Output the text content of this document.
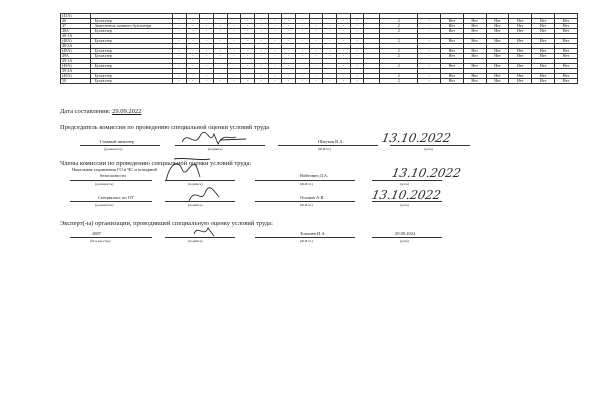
(45А)																								
46	Бухгалтер	-	-	-	-	-	-	-	-	-	-	-	-	-	-		2	-	Нет	Нет	Нет	Нет	Нет	Нет
47	Заместитель главного бухгалтера	-	-	-	-	-	-	-	-	-	-	-	-	-	-		2	-	Нет	Нет	Нет	Нет	Нет	Нет
48А	Бухгалтер	-	-	-	-	-	-	-	-	-	-	-	-	-	-		2	-	Нет	Нет	Нет	Нет	Нет	Нет
48-1А																								
(48А)	Бухгалтер	-	-	-	-	-	-	-	-	-	-	-	-	-	-		2	-	Нет	Нет	Нет	Нет	Нет	Нет
48-2А																								
(48А)	Бухгалтер	-	-	-	-	-	-	-	-	-	-	-	-	-	-		2	-	Нет	Нет	Нет	Нет	Нет	Нет
49А	Бухгалтер	-	-	-	-	-	-	-	-	-	-	-	-	-	-		2	-	Нет	Нет	Нет	Нет	Нет	Нет
49-1А																								
(49А)	Бухгалтер	-	-	-	-	-	-	-	-	-	-	-	-	-	-		2	-	Нет	Нет	Нет	Нет	Нет	Нет
49-2А																								
(49А)	Бухгалтер	-	-	-	-	-	-	-	-	-	-	-	-	-	-		2	-	Нет	Нет	Нет	Нет	Нет	Нет
50	Бухгалтер	-	-	-	-	-	-	-	-	-	-	-	-	-	-		2	-	Нет	Нет	Нет	Нет	Нет	Нет
Дата составления: 29.09.2022
Председатель комиссии по проведению специальной оценки условий труда
Главный инженер	Шмуков В.А.	13.10.2022
(должность)	(подпись)	(Ф.И.О.)	(дата)
Члены комиссии по проведению специальной оценки условий труда:
Начальник управления ГО и ЧС и пожарной
безопасности	Войтович Д.А.	13.10.2022
(должность)	(подпись)	(Ф.И.О.)	(дата)
Специалист по ОТ	Осьмин А.В.	13.10.2022
(должность)	(подпись)	(Ф.И.О.)	(дата)
Эксперт(-ы) организации, проводившей специальную оценку условий труда:
2887	Топчиев И.А.	29.09.2022
(№ в реестре)	(подпись)	(Ф.И.О.)	(дата)
